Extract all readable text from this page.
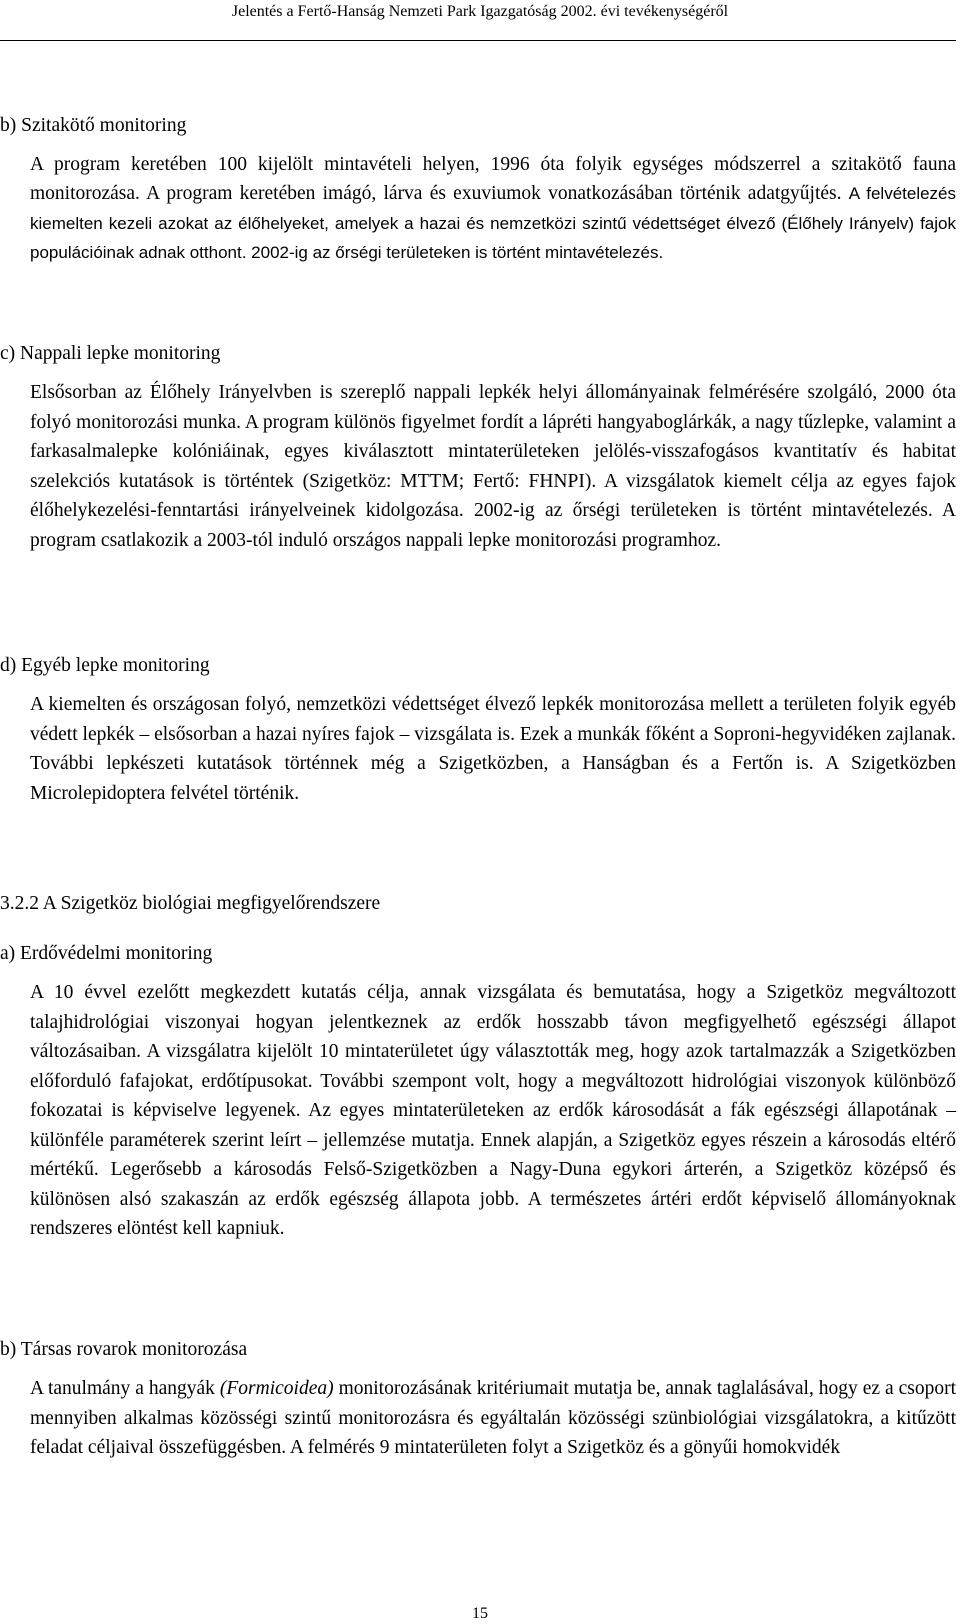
Jelentés a Fertő-Hanság Nemzeti Park Igazgatóság 2002. évi tevékenységéről
b) Szitakötő monitoring
A program keretében 100 kijelölt mintavételi helyen, 1996 óta folyik egységes módszerrel a szitakötő fauna monitorozása. A program keretében imágó, lárva és exuviumok vonatkozásában történik adatgyűjtés. A felvételezés kiemelten kezeli azokat az élőhelyeket, amelyek a hazai és nemzetközi szintű védettséget élvező (Élőhely Irányelv) fajok populációinak adnak otthont. 2002-ig az őrségi területeken is történt mintavételezés.
c) Nappali lepke monitoring
Elsősorban az Élőhely Irányelvben is szereplő nappali lepkék helyi állományainak felmérésére szolgáló, 2000 óta folyó monitorozási munka. A program különös figyelmet fordít a lápréti hangyaboglárkák, a nagy tűzlepke, valamint a farkasalmalepke kolóniáinak, egyes kiválasztott mintaterületeken jelölés-visszafogásos kvantitatív és habitat szelekciós kutatások is történtek (Szigetköz: MTTM; Fertő: FHNPI). A vizsgálatok kiemelt célja az egyes fajok élőhelykezelési-fenntartási irányelveinek kidolgozása. 2002-ig az őrségi területeken is történt mintavételezés. A program csatlakozik a 2003-tól induló országos nappali lepke monitorozási programhoz.
d) Egyéb lepke monitoring
A kiemelten és országosan folyó, nemzetközi védettséget élvező lepkék monitorozása mellett a területen folyik egyéb védett lepkék – elsősorban a hazai nyíres fajok – vizsgálata is. Ezek a munkák főként a Soproni-hegyvidéken zajlanak. További lepkészeti kutatások történnek még a Szigetközben, a Hanságban és a Fertőn is. A Szigetközben Microlepidoptera felvétel történik.
3.2.2 A Szigetköz biológiai megfigyelőrendszere
a) Erdővédelmi monitoring
A 10 évvel ezelőtt megkezdett kutatás célja, annak vizsgálata és bemutatása, hogy a Szigetköz megváltozott talajhidrológiai viszonyai hogyan jelentkeznek az erdők hosszabb távon megfigyelhető egészségi állapot változásaiban. A vizsgálatra kijelölt 10 mintaterületet úgy választották meg, hogy azok tartalmazzák a Szigetközben előforduló fafajokat, erdőtípusokat. További szempont volt, hogy a megváltozott hidrológiai viszonyok különböző fokozatai is képviselve legyenek. Az egyes mintaterületeken az erdők károsodását a fák egészségi állapotának – különféle paraméterek szerint leírt – jellemzése mutatja. Ennek alapján, a Szigetköz egyes részein a károsodás eltérő mértékű. Legerősebb a károsodás Felső-Szigetközben a Nagy-Duna egykori árterén, a Szigetköz középső és különösen alsó szakaszán az erdők egészség állapota jobb. A természetes ártéri erdőt képviselő állományoknak rendszeres elöntést kell kapniuk.
b) Társas rovarok monitorozása
A tanulmány a hangyák (Formicoidea) monitorozásának kritériumait mutatja be, annak taglalásával, hogy ez a csoport mennyiben alkalmas közösségi szintű monitorozásra és egyáltalán közösségi szünbiológiai vizsgálatokra, a kitűzött feladat céljaival összefüggésben. A felmérés 9 mintaterületen folyt a Szigetköz és a gönyűi homokvidék
15
